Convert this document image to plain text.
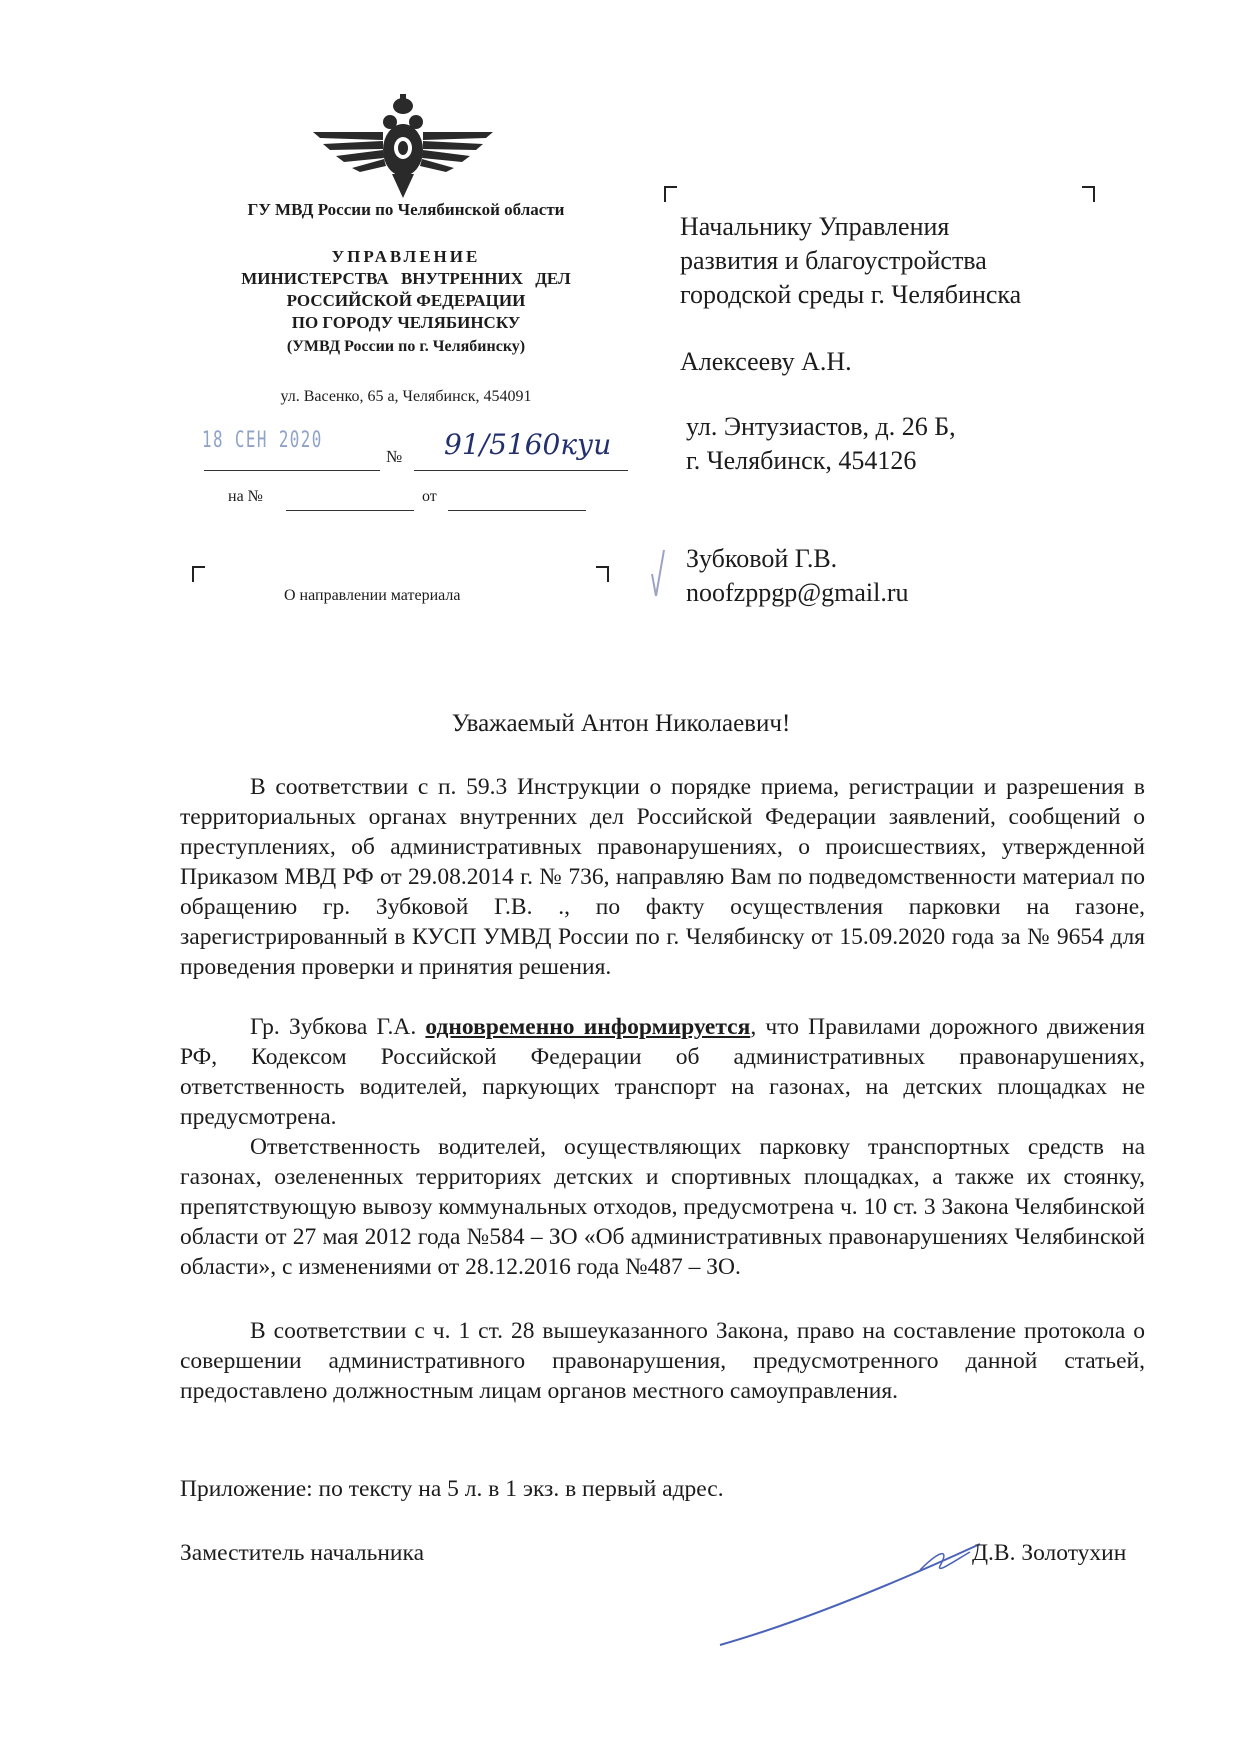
ГУ МВД России по Челябинской области
УПРАВЛЕНИЕ
МИНИСТЕРСТВА ВНУТРЕННИХ ДЕЛ
РОССИЙСКОЙ ФЕДЕРАЦИИ
ПО ГОРОДУ ЧЕЛЯБИНСКУ
(УМВД России по г. Челябинску)
ул. Васенко, 65 а, Челябинск, 454091
18 СЕН 2020
№ 91/5160куи
на №	от
О направлении материала
Начальнику Управления
развития и благоустройства
городской среды г. Челябинска
Алексееву А.Н.
ул. Энтузиастов, д. 26 Б,
г. Челябинск, 454126
Зубковой Г.В.
noofzppgp@gmail.ru
Уважаемый Антон Николаевич!
В соответствии с п. 59.3 Инструкции о порядке приема, регистрации и разрешения в территориальных органах внутренних дел Российской Федерации заявлений, сообщений о преступлениях, об административных правонарушениях, о происшествиях, утвержденной Приказом МВД РФ от 29.08.2014 г. № 736, направляю Вам по подведомственности материал по обращению гр. Зубковой Г.В. ., по факту осуществления парковки на газоне, зарегистрированный в КУСП УМВД России по г. Челябинску от 15.09.2020 года за № 9654 для проведения проверки и принятия решения.
Гр. Зубкова Г.А. одновременно информируется, что Правилами дорожного движения РФ, Кодексом Российской Федерации об административных правонарушениях, ответственность водителей, паркующих транспорт на газонах, на детских площадках не предусмотрена.
Ответственность водителей, осуществляющих парковку транспортных средств на газонах, озелененных территориях детских и спортивных площадках, а также их стоянку, препятствующую вывозу коммунальных отходов, предусмотрена ч. 10 ст. 3 Закона Челябинской области от 27 мая 2012 года №584 – ЗО «Об административных правонарушениях Челябинской области», с изменениями от 28.12.2016 года №487 – ЗО.
В соответствии с ч. 1 ст. 28 вышеуказанного Закона, право на составление протокола о совершении административного правонарушения, предусмотренного данной статьей, предоставлено должностным лицам органов местного самоуправления.
Приложение: по тексту на 5 л. в 1 экз. в первый адрес.
Заместитель начальника	Д.В. Золотухин
